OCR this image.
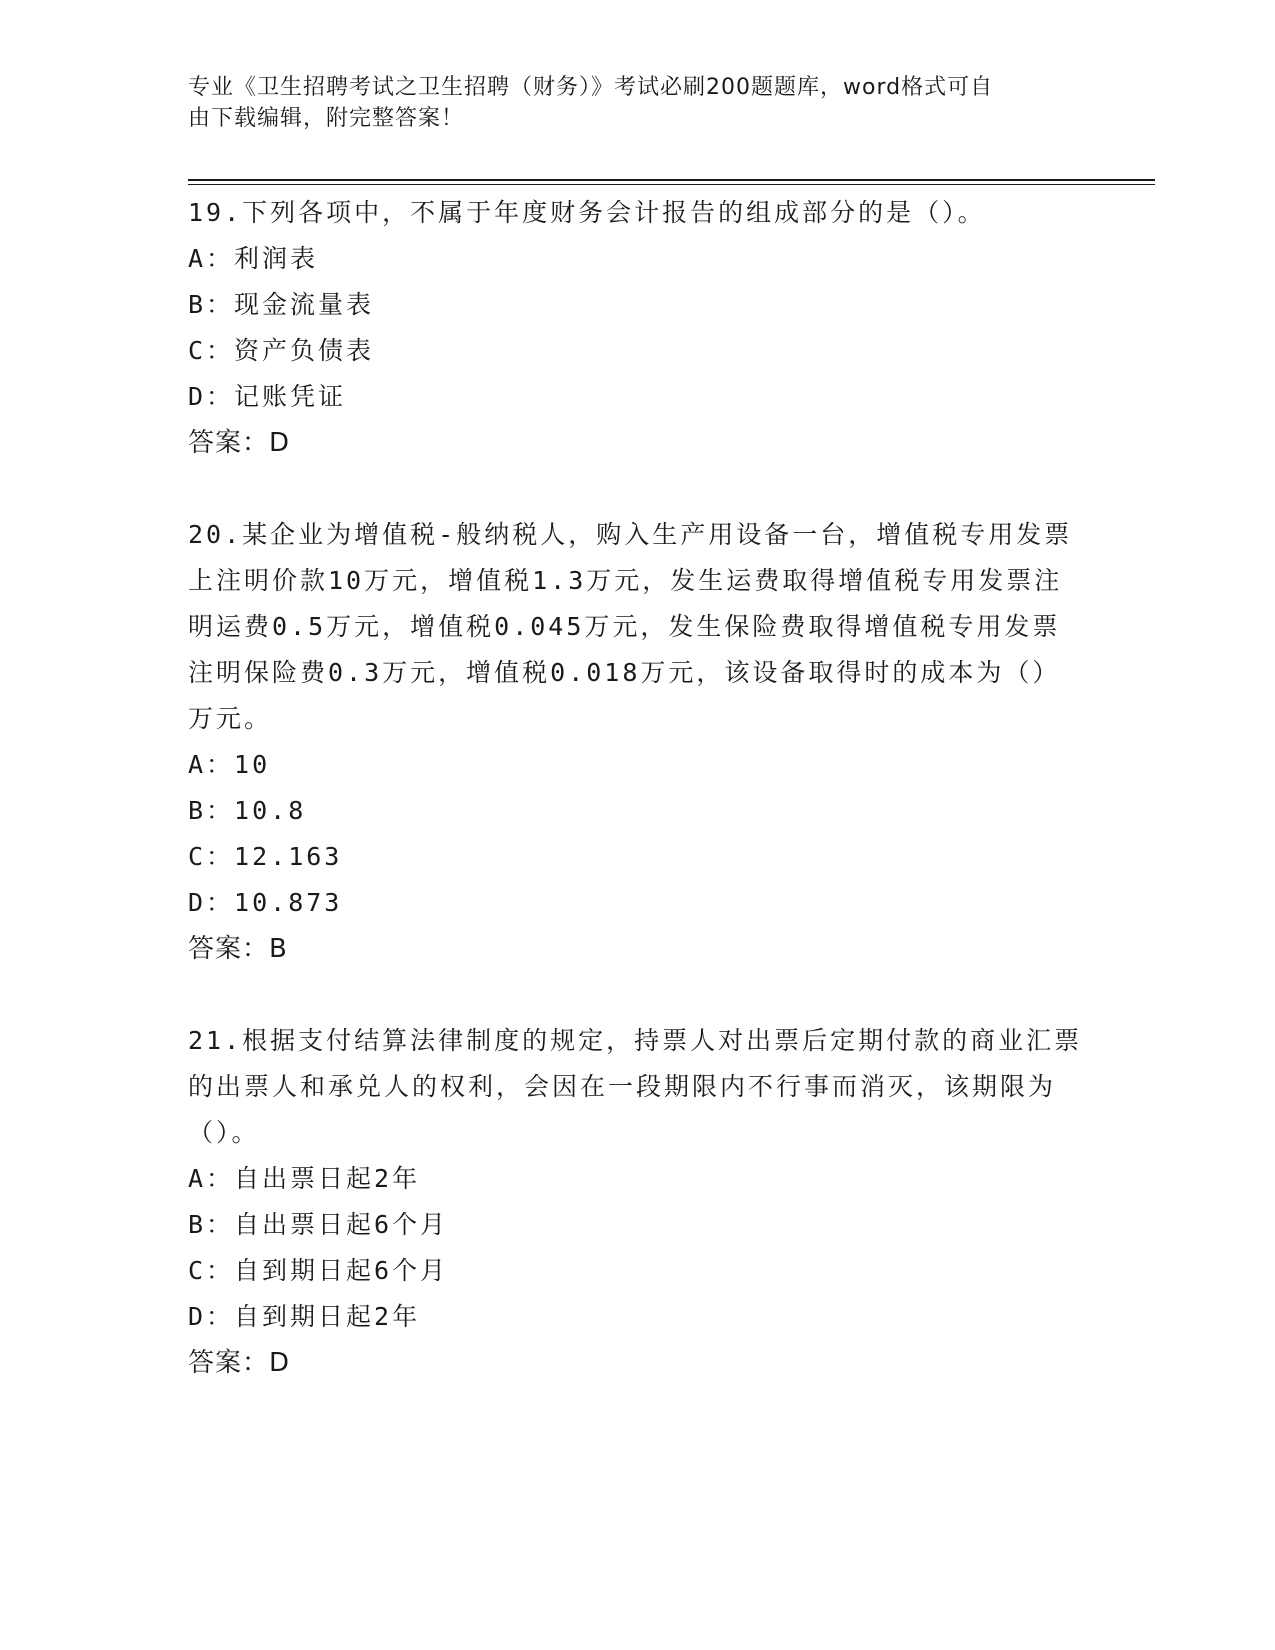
专业《卫生招聘考试之卫生招聘（财务）》考试必刷200题题库，word格式可自
由下载编辑，附完整答案！
19.下列各项中，不属于年度财务会计报告的组成部分的是（）。
A：利润表
B：现金流量表
C：资产负债表
D：记账凭证
答案：D
20.某企业为增值税-般纳税人，购入生产用设备一台，增值税专用发票上注明价款10万元，增值税1.3万元，发生运费取得增值税专用发票注明运费0.5万元，增值税0.045万元，发生保险费取得增值税专用发票注明保险费0.3万元，增值税0.018万元，该设备取得时的成本为（）万元。
A：10
B：10.8
C：12.163
D：10.873
答案：B
21.根据支付结算法律制度的规定，持票人对出票后定期付款的商业汇票的出票人和承兑人的权利，会因在一段期限内不行事而消灭，该期限为（）。
A：自出票日起2年
B：自出票日起6个月
C：自到期日起6个月
D：自到期日起2年
答案：D
